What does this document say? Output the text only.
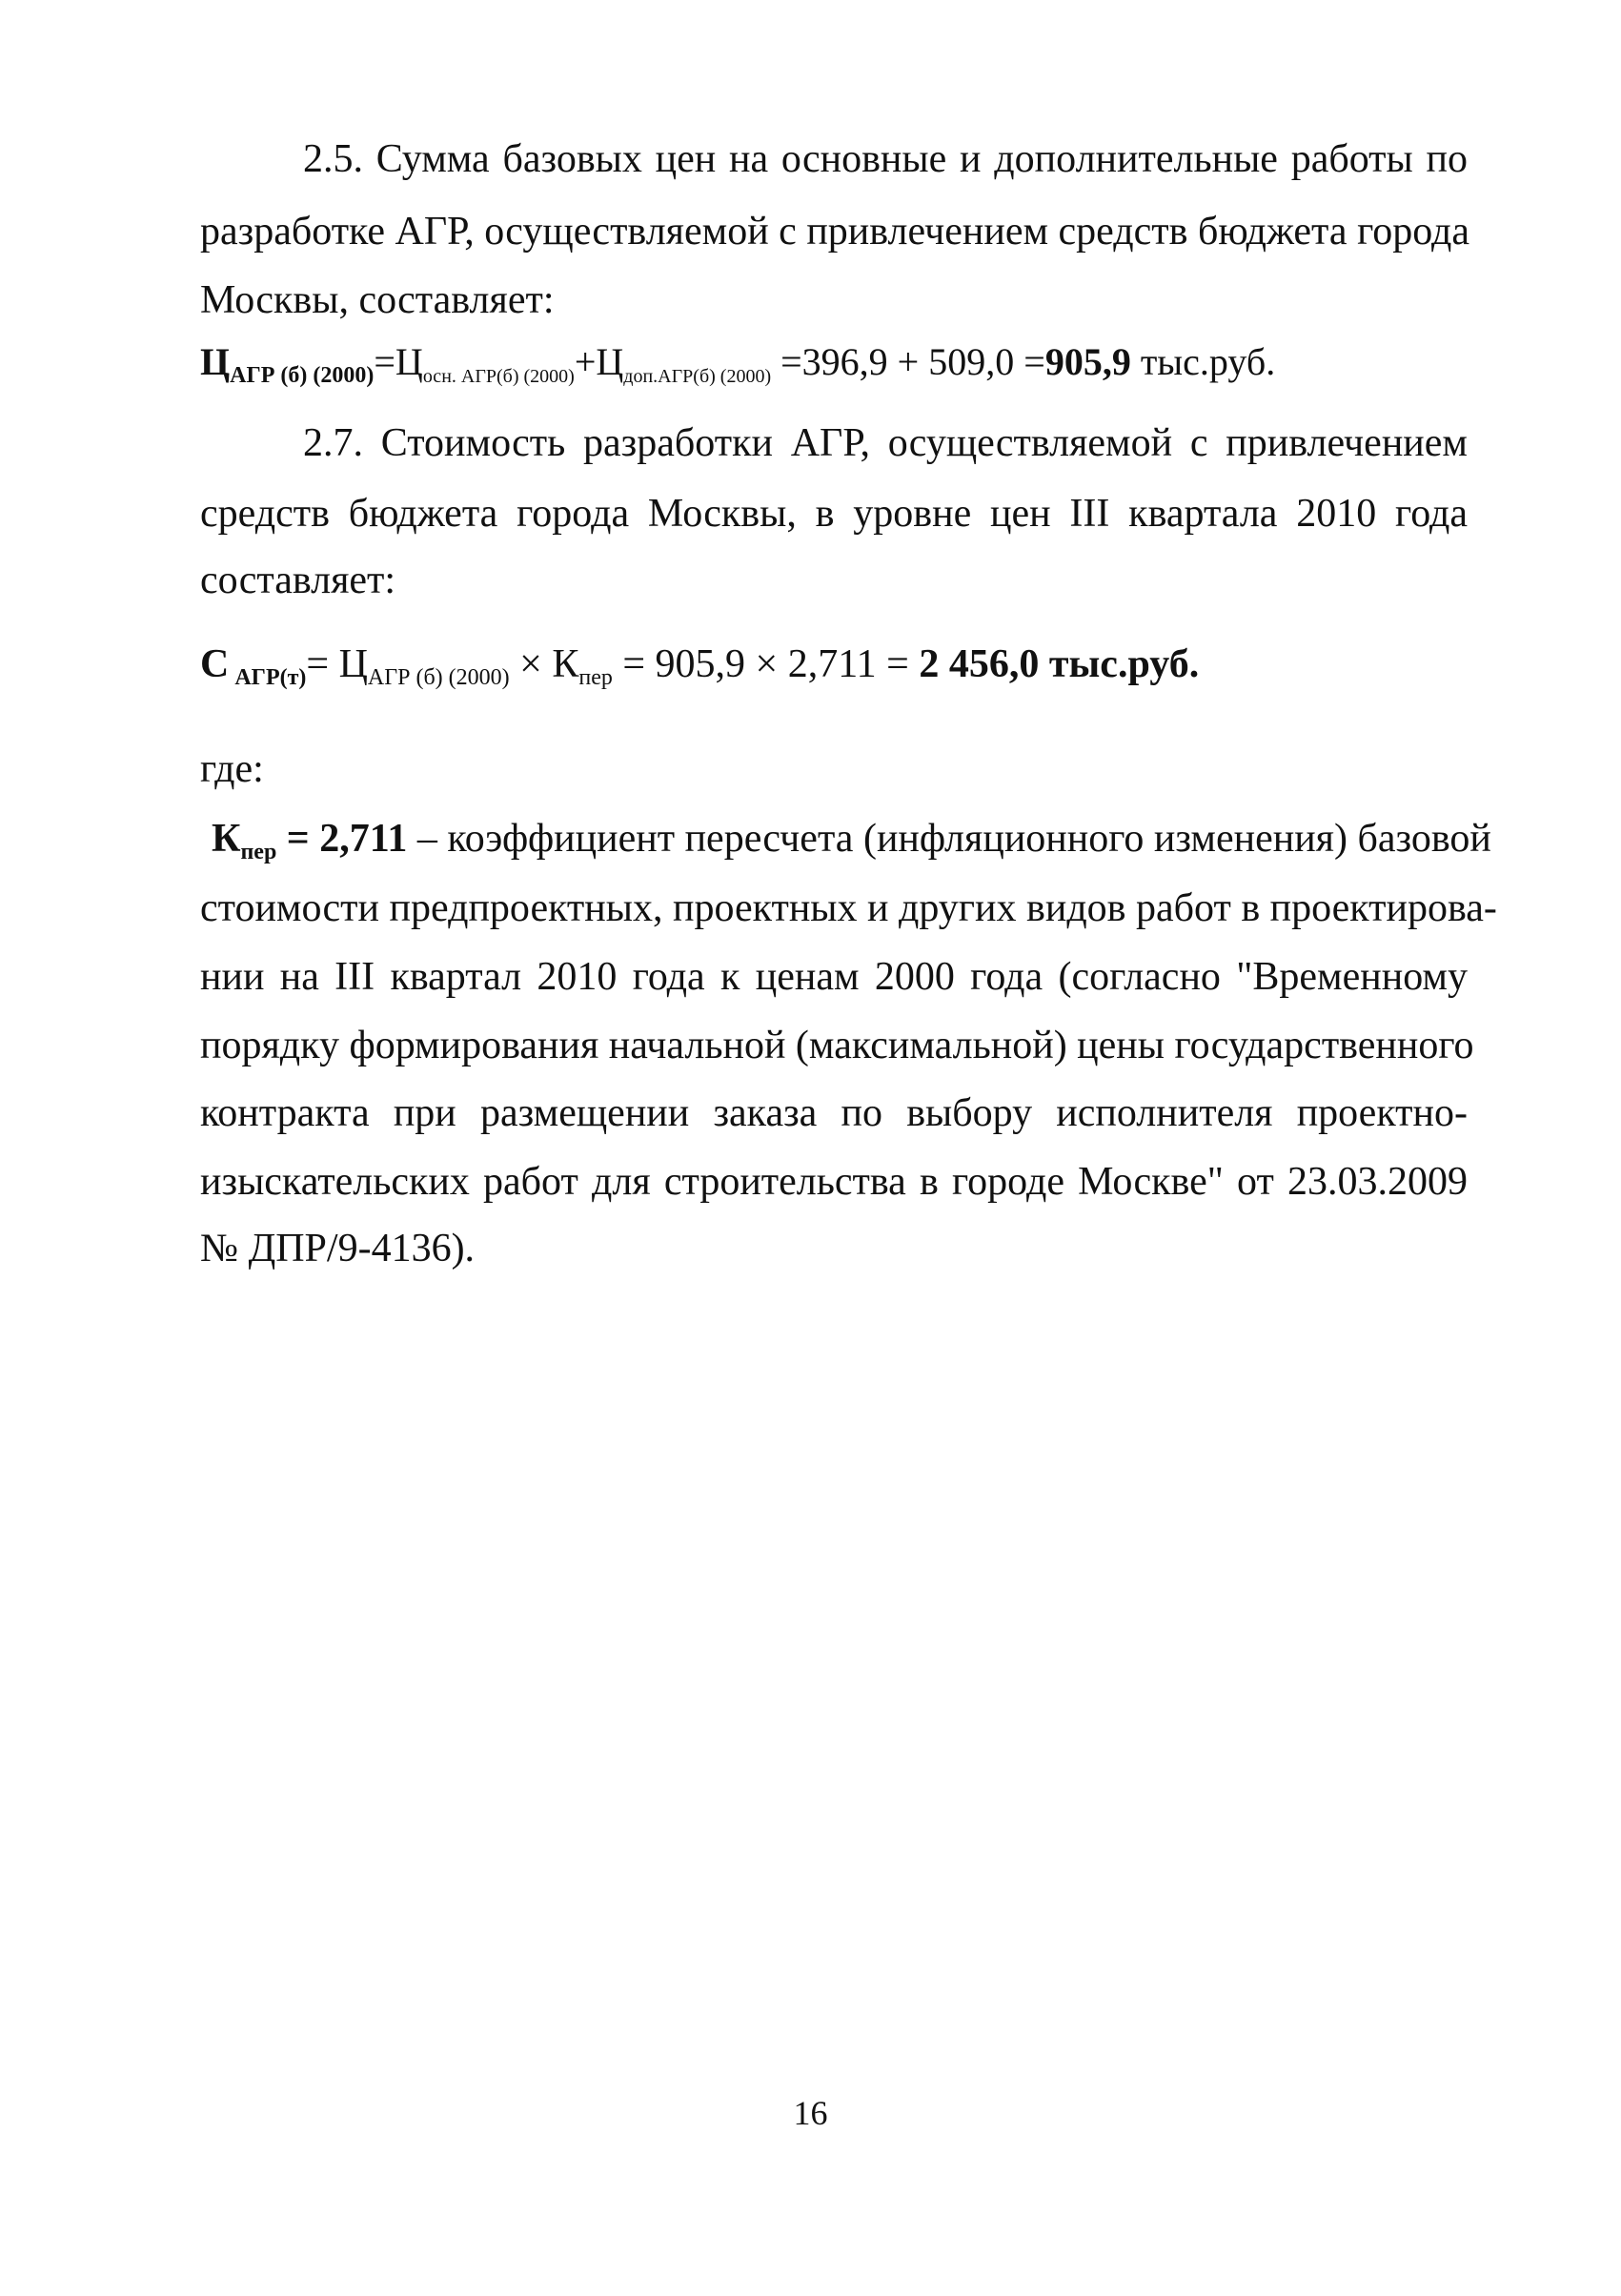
2.5. Сумма базовых цен на основные и дополнительные работы по
разработке АГР, осуществляемой с привлечением средств бюджета города
Москвы, составляет:
$Ц_{АГР (б) (2000)}=Ц_{осн. АГР(б) (2000)}+Ц_{доп.АГР(б) (2000)} =396,9 + 509,0 =905,9$ тыс.руб.
2.7. Стоимость разработки АГР, осуществляемой с привлечением
средств бюджета города Москвы, в уровне цен III квартала 2010 года
составляет:
С $_{АГР(т)}= Ц_{АГР (б) (2000)} \times К_{пер} = 905,9 \times 2,711 = 2$ 456,0 тыс.руб.
где:
$К_{пер} = 2,711$ – коэффициент пересчета (инфляционного изменения) базовой
стоимости предпроектных, проектных и других видов работ в проектирова-
нии на III квартал 2010 года к ценам 2000 года (согласно "Временному
порядку формирования начальной (максимальной) цены государственного
контракта при размещении заказа по выбору исполнителя проектно-
изыскательских работ для строительства в городе Москве" от 23.03.2009
№ ДПР/9-4136).
16
